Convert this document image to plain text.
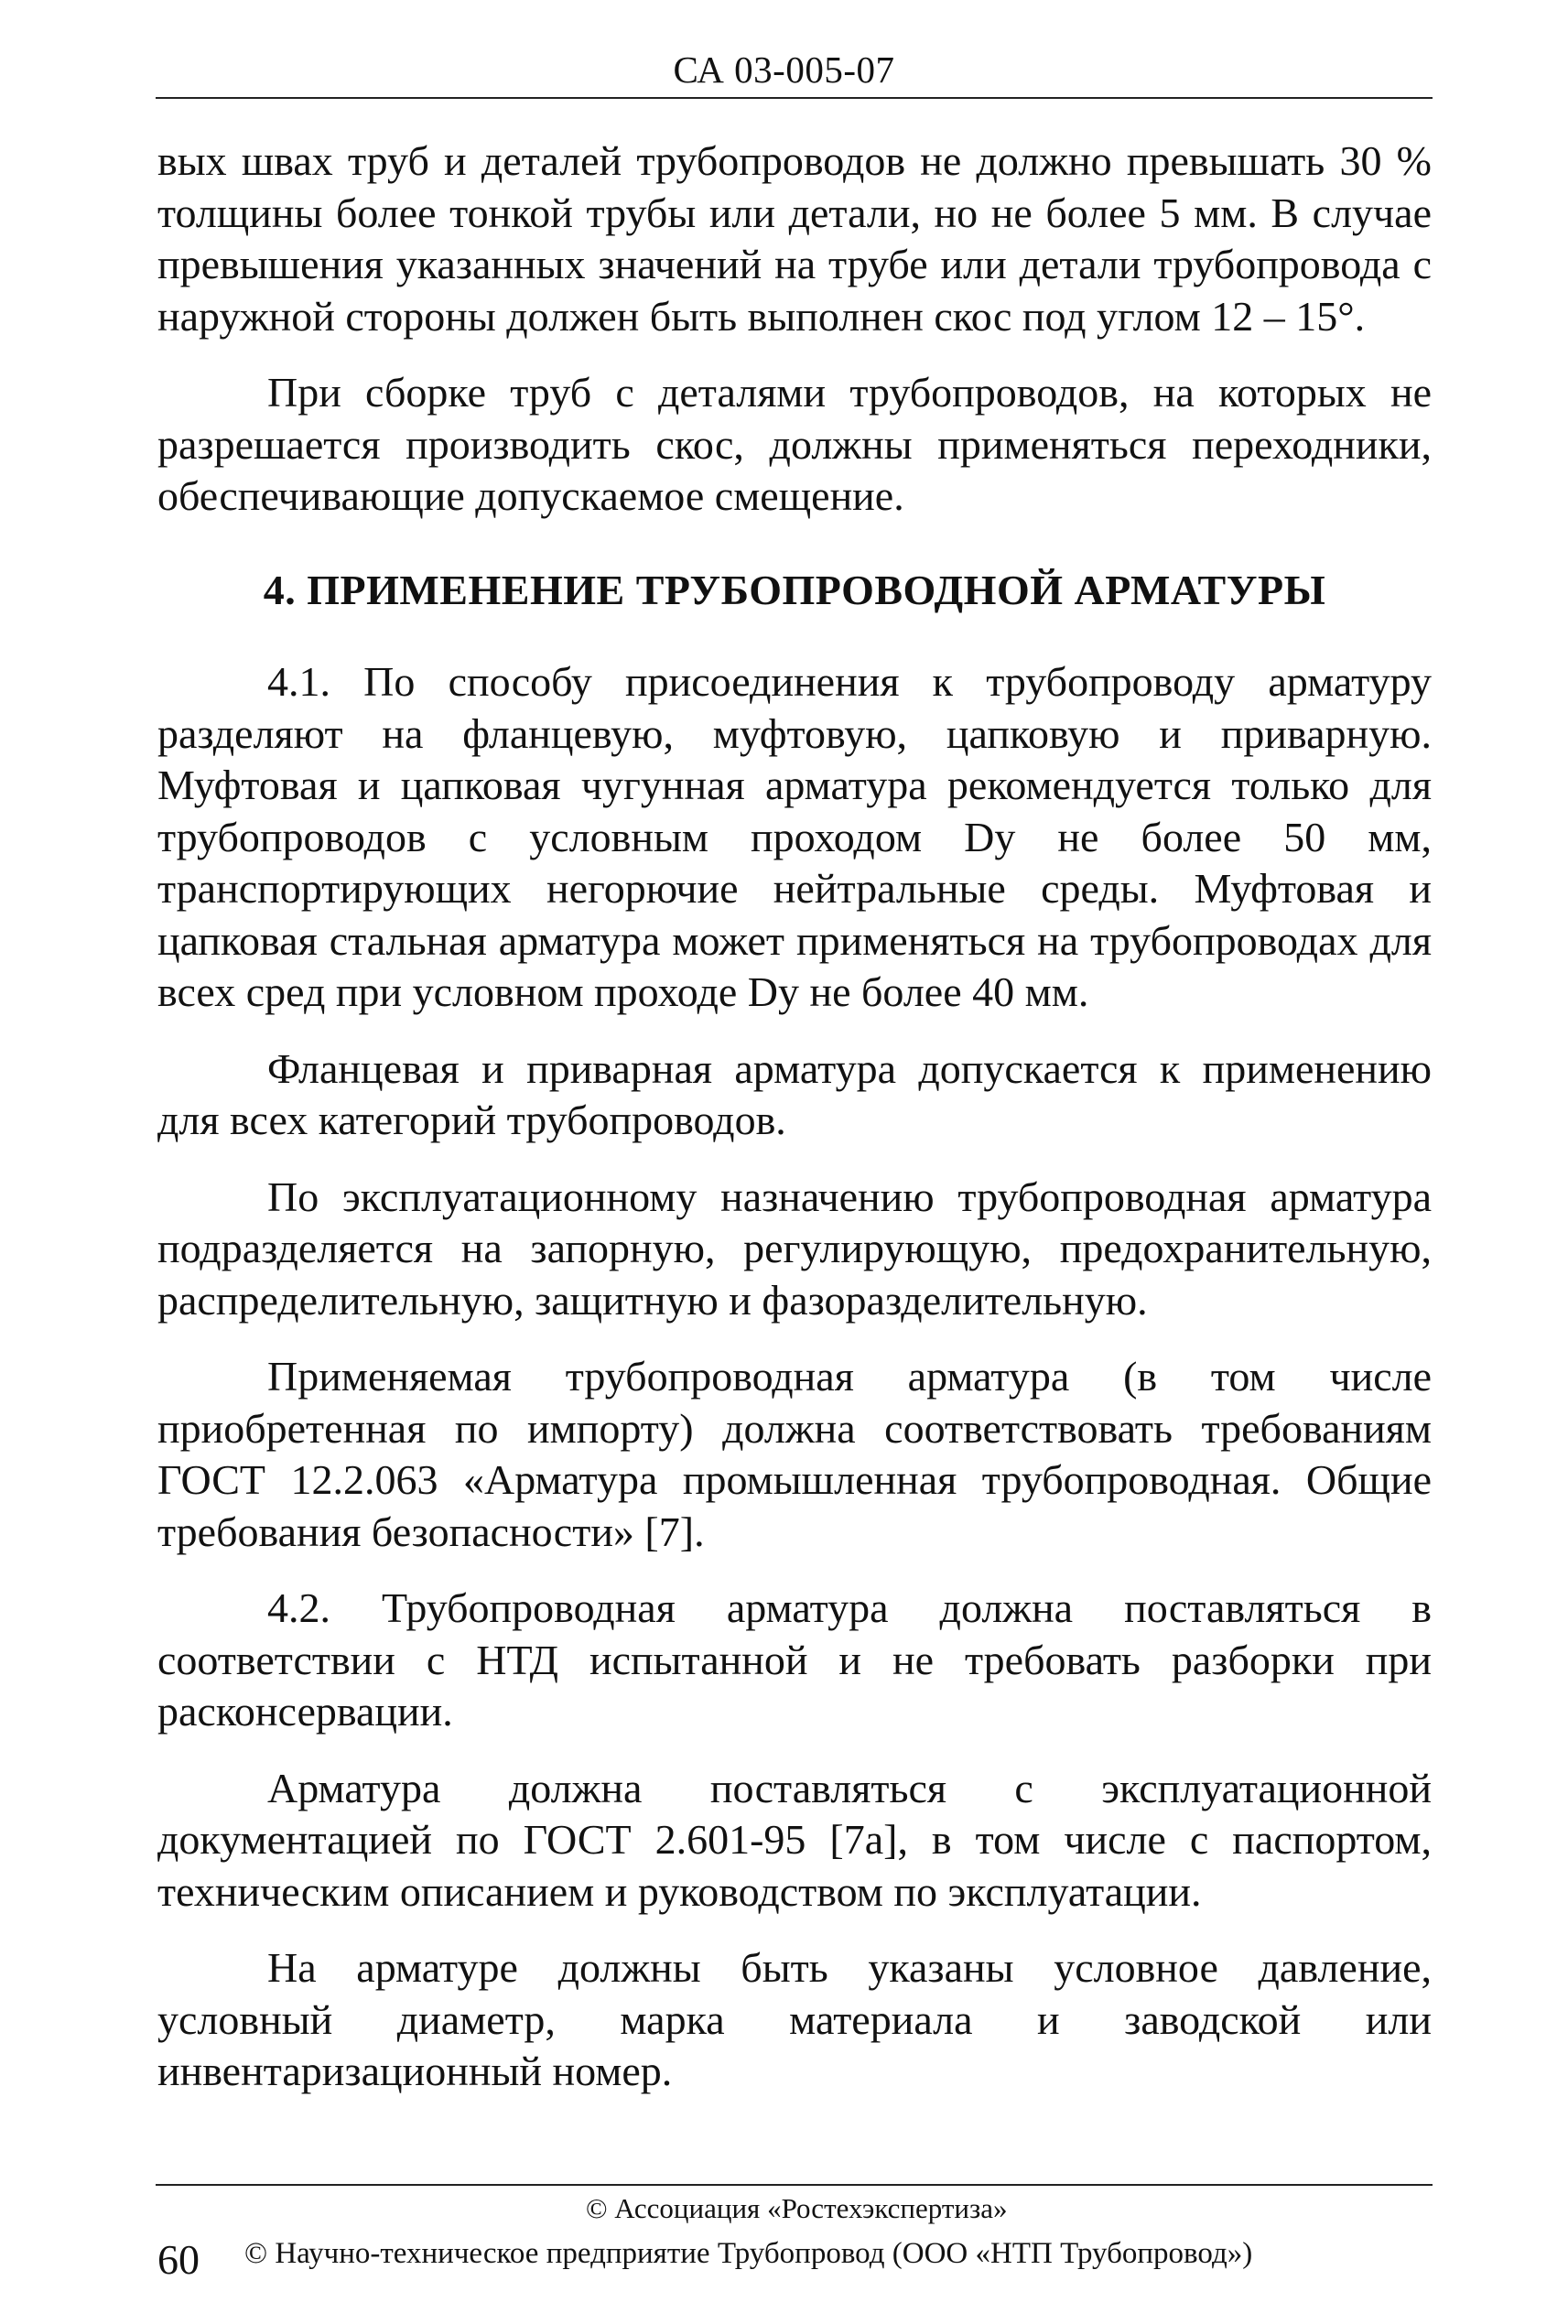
СА 03-005-07

вых швах труб и деталей трубопроводов не должно превышать 30 % толщины более тонкой трубы или детали, но не более 5 мм. В случае превышения указанных значений на трубе или детали трубопровода с наружной стороны должен быть выполнен скос под углом 12 – 15°.

При сборке труб с деталями трубопроводов, на которых не разрешается производить скос, должны применяться переходники, обеспечивающие допускаемое смещение.

4. ПРИМЕНЕНИЕ ТРУБОПРОВОДНОЙ АРМАТУРЫ

4.1. По способу присоединения к трубопроводу арматуру разделяют на фланцевую, муфтовую, цапковую и приварную. Муфтовая и цапковая чугунная арматура рекомендуется только для трубопроводов с условным проходом Dy не более 50 мм, транспортирующих негорючие нейтральные среды. Муфтовая и цапковая стальная арматура может применяться на трубопроводах для всех сред при условном проходе Dy не более 40 мм.

Фланцевая и приварная арматура допускается к применению для всех категорий трубопроводов.

По эксплуатационному назначению трубопроводная арматура подразделяется на запорную, регулирующую, предохранительную, распределительную, защитную и фазоразделительную.

Применяемая трубопроводная арматура (в том числе приобретенная по импорту) должна соответствовать требованиям ГОСТ 12.2.063 «Арматура промышленная трубопроводная. Общие требования безопасности» [7].

4.2. Трубопроводная арматура должна поставляться в соответствии с НТД испытанной и не требовать разборки при расконсервации.

Арматура должна поставляться с эксплуатационной документацией по ГОСТ 2.601-95 [7а], в том числе с паспортом, техническим описанием и руководством по эксплуатации.

На арматуре должны быть указаны условное давление, условный диаметр, марка материала и заводской или инвентаризационный номер.

60
© Ассоциация «Ростехэкспертиза»
© Научно-техническое предприятие Трубопровод (ООО «НТП Трубопровод»)
